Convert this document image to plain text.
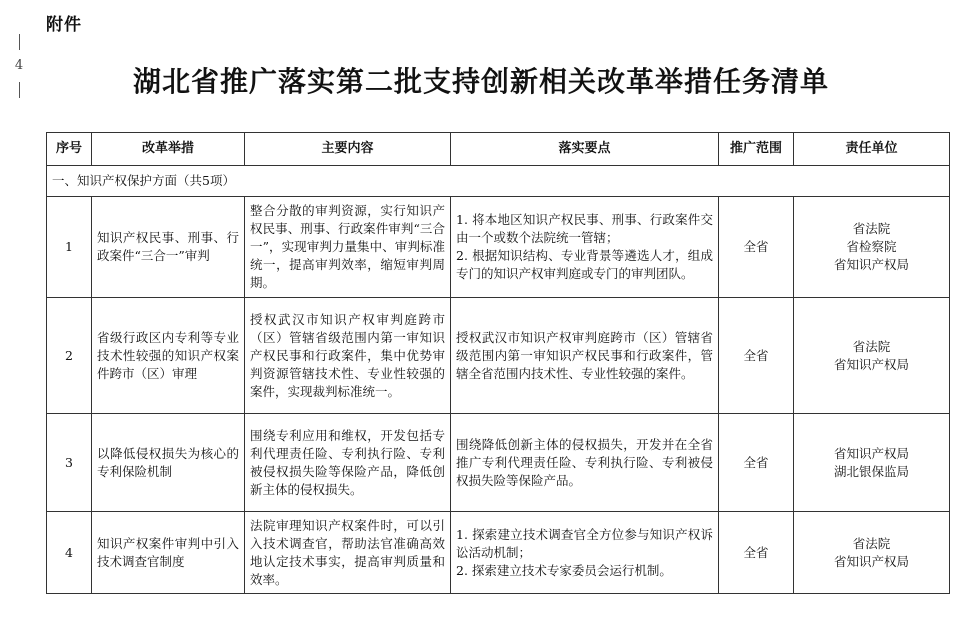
附件
4	湖北省推广落实第二批支持创新相关改革举措任务清单
序号	改革举措	主要内容	落实要点	推广范围	责任单位
一、知识产权保护方面（共5项）					
1	知识产权民事、刑事、行政案件“三合一”审判	整合分散的审判资源，实行知识产权民事、刑事、行政案件审判“三合一”，实现审判力量集中、审判标准统一，提高审判效率，缩短审判周期。	1. 将本地区知识产权民事、刑事、行政案件交由一个或数个法院统一管辖；
2. 根据知识结构、专业背景等遴选人才，组成专门的知识产权审判庭或专门的审判团队。	全省	省法院
省检察院
省知识产权局

2	省级行政区内专利等专业技术性较强的知识产权案件跨市（区）审理	授权武汉市知识产权审判庭跨市（区）管辖省级范围内第一审知识产权民事和行政案件，集中优势审判资源管辖技术性、专业性较强的案件，实现裁判标准统一。	授权武汉市知识产权审判庭跨市（区）管辖省级范围内第一审知识产权民事和行政案件，管辖全省范围内技术性、专业性较强的案件。	全省	省法院
省知识产权局

3	以降低侵权损失为核心的专利保险机制	围绕专利应用和维权，开发包括专利代理责任险、专利执行险、专利被侵权损失险等保险产品，降低创新主体的侵权损失。	围绕降低创新主体的侵权损失，开发并在全省推广专利代理责任险、专利执行险、专利被侵权损失险等保险产品。	全省	省知识产权局
湖北银保监局

4	知识产权案件审判中引入技术调查官制度	法院审理知识产权案件时，可以引入技术调查官，帮助法官准确高效地认定技术事实，提高审判质量和效率。	1. 探索建立技术调查官全方位参与知识产权诉讼活动机制；
2. 探索建立技术专家委员会运行机制。	全省	省法院
省知识产权局
